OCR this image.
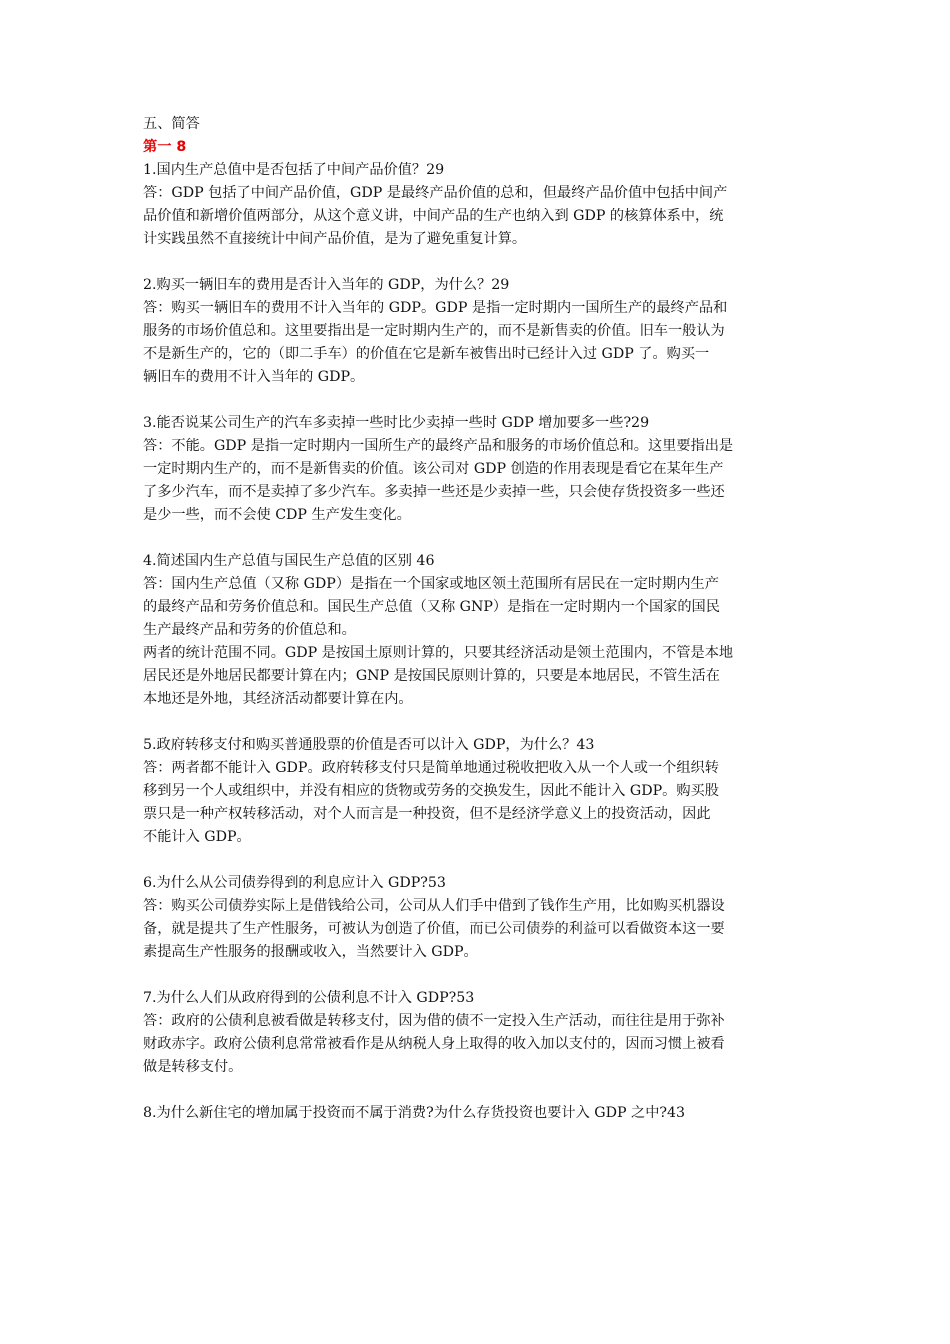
五、简答
第一 8
1.国内生产总值中是否包括了中间产品价值？29
答：GDP 包括了中间产品价值，GDP 是最终产品价值的总和，但最终产品价值中包括中间产
品价值和新增价值两部分，从这个意义讲，中间产品的生产也纳入到 GDP 的核算体系中，统
计实践虽然不直接统计中间产品价值，是为了避免重复计算。
2.购买一辆旧车的费用是否计入当年的 GDP，为什么？29
答：购买一辆旧车的费用不计入当年的 GDP。GDP 是指一定时期内一国所生产的最终产品和
服务的市场价值总和。这里要指出是一定时期内生产的，而不是新售卖的价值。旧车一般认为
不是新生产的，它的（即二手车）的价值在它是新车被售出时已经计入过 GDP 了。购买一
辆旧车的费用不计入当年的 GDP。
3.能否说某公司生产的汽车多卖掉一些时比少卖掉一些时 GDP 增加要多一些?29
答：不能。GDP 是指一定时期内一国所生产的最终产品和服务的市场价值总和。这里要指出是
一定时期内生产的，而不是新售卖的价值。该公司对 GDP 创造的作用表现是看它在某年生产
了多少汽车，而不是卖掉了多少汽车。多卖掉一些还是少卖掉一些，只会使存货投资多一些还
是少一些，而不会使 CDP 生产发生变化。
4.简述国内生产总值与国民生产总值的区别 46
答：国内生产总值（又称 GDP）是指在一个国家或地区领土范围所有居民在一定时期内生产
的最终产品和劳务价值总和。国民生产总值（又称 GNP）是指在一定时期内一个国家的国民
生产最终产品和劳务的价值总和。
两者的统计范围不同。GDP 是按国土原则计算的，只要其经济活动是领土范围内，不管是本地
居民还是外地居民都要计算在内；GNP 是按国民原则计算的，只要是本地居民，不管生活在
本地还是外地，其经济活动都要计算在内。
5.政府转移支付和购买普通股票的价值是否可以计入 GDP，为什么？43
答：两者都不能计入 GDP。政府转移支付只是简单地通过税收把收入从一个人或一个组织转
移到另一个人或组织中，并没有相应的货物或劳务的交换发生，因此不能计入 GDP。购买股
票只是一种产权转移活动，对个人而言是一种投资，但不是经济学意义上的投资活动，因此
不能计入 GDP。
6.为什么从公司债券得到的利息应计入 GDP?53
答：购买公司债券实际上是借钱给公司，公司从人们手中借到了钱作生产用，比如购买机器设
备，就是提共了生产性服务，可被认为创造了价值，而已公司债券的利益可以看做资本这一要
素提高生产性服务的报酬或收入，当然要计入 GDP。
7.为什么人们从政府得到的公债利息不计入 GDP?53
答：政府的公债利息被看做是转移支付，因为借的债不一定投入生产活动，而往往是用于弥补
财政赤字。政府公债利息常常被看作是从纳税人身上取得的收入加以支付的，因而习惯上被看
做是转移支付。
8.为什么新住宅的增加属于投资而不属于消费?为什么存货投资也要计入 GDP 之中?43
